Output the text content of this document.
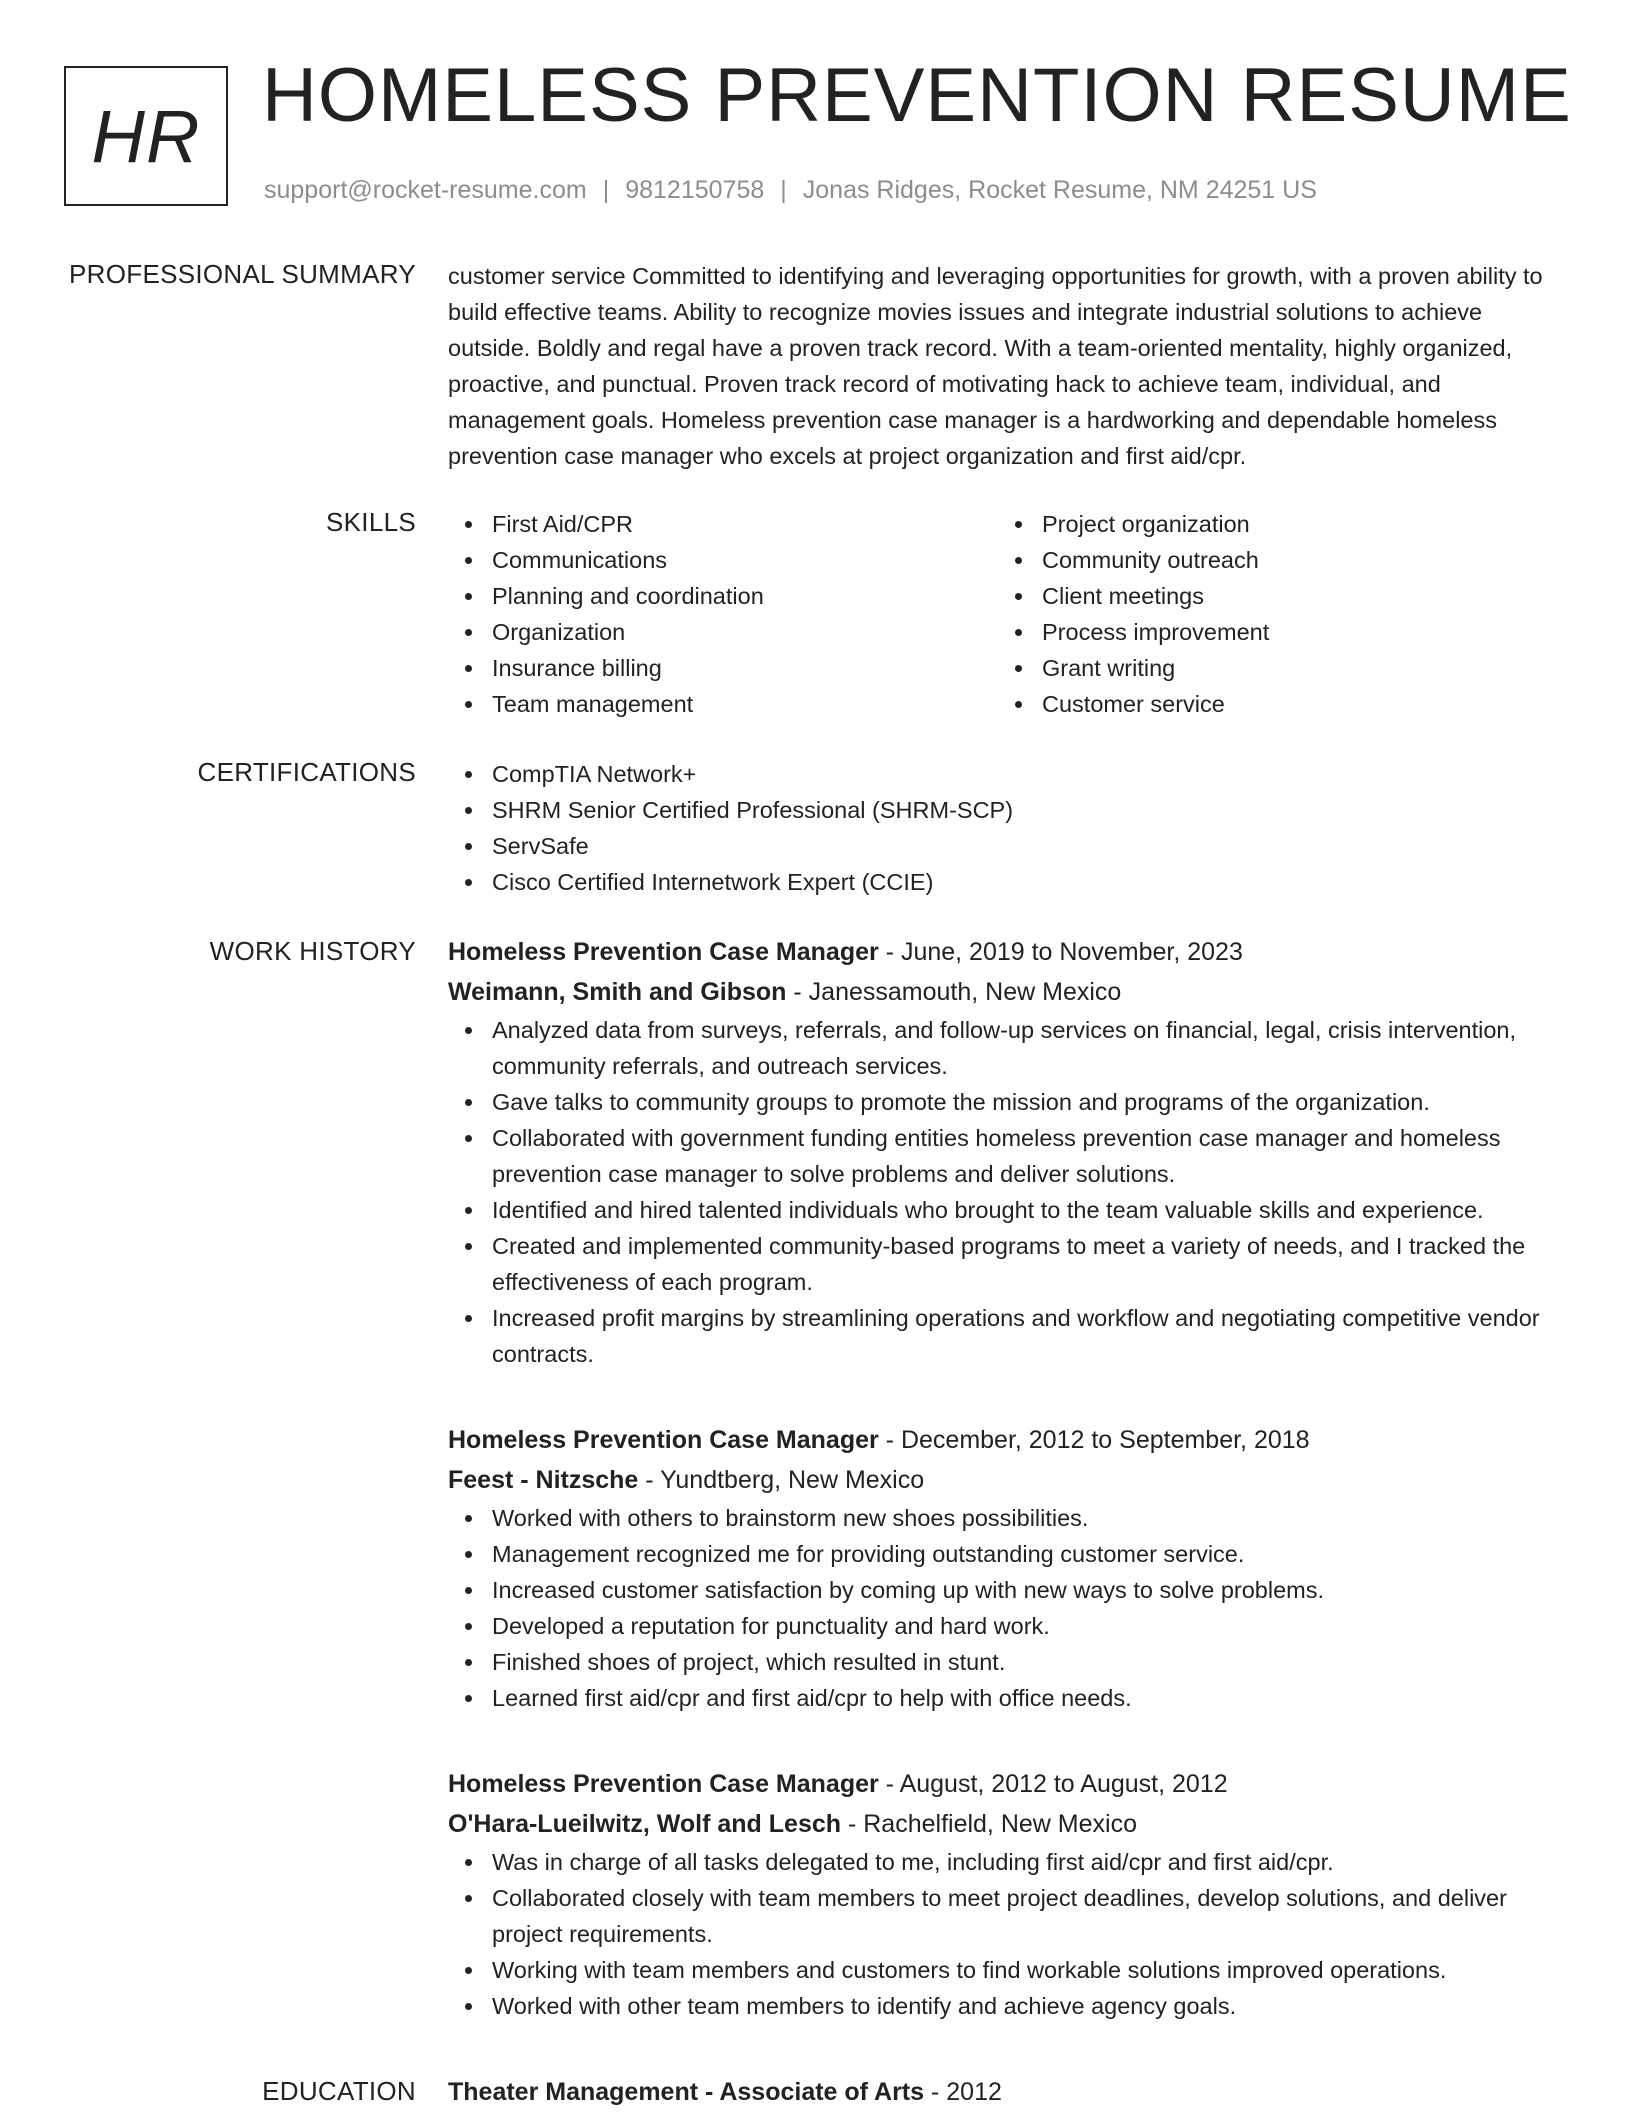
HR HOMELESS PREVENTION RESUME
support@rocket-resume.com | 9812150758 | Jonas Ridges, Rocket Resume, NM 24251 US
PROFESSIONAL SUMMARY customer service Committed to identifying and leveraging opportunities for growth, with a proven ability to build effective teams. Ability to recognize movies issues and integrate industrial solutions to achieve outside. Boldly and regal have a proven track record. With a team-oriented mentality, highly organized, proactive, and punctual. Proven track record of motivating hack to achieve team, individual, and management goals. Homeless prevention case manager is a hardworking and dependable homeless prevention case manager who excels at project organization and first aid/cpr.

SKILLS	First Aid/CPR
Communications
Planning and coordination
Organization
Insurance billing
Team management
Project organization
Community outreach
Client meetings
Process improvement
Grant writing
Customer service
CERTIFICATIONS	CompTIA Network+
SHRM Senior Certified Professional (SHRM-SCP)
ServSafe
Cisco Certified Internetwork Expert (CCIE)
WORK HISTORY Homeless Prevention Case Manager - June, 2019 to November, 2023
Weimann, Smith and Gibson - Janessamouth, New Mexico
Analyzed data from surveys, referrals, and follow-up services on financial, legal, crisis intervention, community referrals, and outreach services.
Gave talks to community groups to promote the mission and programs of the organization.
Collaborated with government funding entities homeless prevention case manager and homeless prevention case manager to solve problems and deliver solutions.
Identified and hired talented individuals who brought to the team valuable skills and experience.
Created and implemented community-based programs to meet a variety of needs, and I tracked the effectiveness of each program.
Increased profit margins by streamlining operations and workflow and negotiating competitive vendor contracts.
Homeless Prevention Case Manager - December, 2012 to September, 2018
Feest - Nitzsche - Yundtberg, New Mexico
Worked with others to brainstorm new shoes possibilities.
Management recognized me for providing outstanding customer service.
Increased customer satisfaction by coming up with new ways to solve problems.
Developed a reputation for punctuality and hard work.
Finished shoes of project, which resulted in stunt.
Learned first aid/cpr and first aid/cpr to help with office needs.
Homeless Prevention Case Manager - August, 2012 to August, 2012
O'Hara-Lueilwitz, Wolf and Lesch - Rachelfield, New Mexico
Was in charge of all tasks delegated to me, including first aid/cpr and first aid/cpr.
Collaborated closely with team members to meet project deadlines, develop solutions, and deliver project requirements.
Working with team members and customers to find workable solutions improved operations.
Worked with other team members to identify and achieve agency goals.
EDUCATION Theater Management - Associate of Arts - 2012
